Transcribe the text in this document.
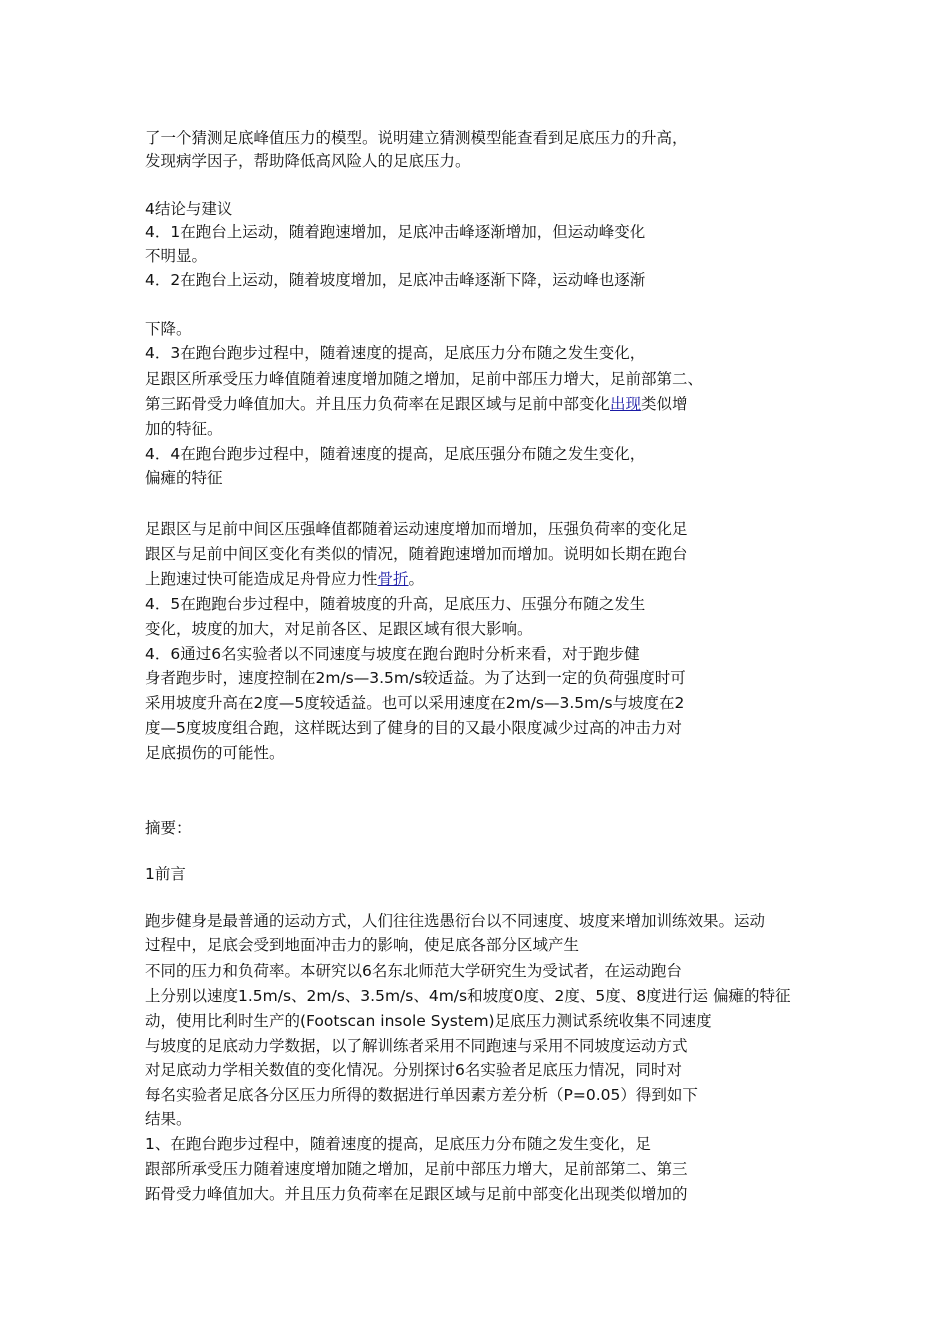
了一个猜测足底峰值压力的模型。说明建立猜测模型能查看到足底压力的升高，
发现病学因子，帮助降低高风险人的足底压力。
4结论与建议
4．1在跑台上运动，随着跑速增加，足底冲击峰逐渐增加，但运动峰变化
不明显。
4．2在跑台上运动，随着坡度增加，足底冲击峰逐渐下降，运动峰也逐渐
下降。
4．3在跑台跑步过程中，随着速度的提高，足底压力分布随之发生变化，
足跟区所承受压力峰值随着速度增加随之增加，足前中部压力增大，足前部第二、
第三跖骨受力峰值加大。并且压力负荷率在足跟区域与足前中部变化出现类似增
加的特征。
4．4在跑台跑步过程中，随着速度的提高，足底压强分布随之发生变化，
偏瘫的特征
足跟区与足前中间区压强峰值都随着运动速度增加而增加，压强负荷率的变化足
跟区与足前中间区变化有类似的情况，随着跑速增加而增加。说明如长期在跑台
上跑速过快可能造成足舟骨应力性骨折。
4．5在跑跑台步过程中，随着坡度的升高，足底压力、压强分布随之发生
变化，坡度的加大，对足前各区、足跟区域有很大影响。
4．6通过6名实验者以不同速度与坡度在跑台跑时分析来看，对于跑步健
身者跑步时，速度控制在2m/s—3.5m/s较适益。为了达到一定的负荷强度时可
采用坡度升高在2度—5度较适益。也可以采用速度在2m/s—3.5m/s与坡度在2
度—5度坡度组合跑，这样既达到了健身的目的又最小限度减少过高的冲击力对
足底损伤的可能性。
摘要：
1前言
跑步健身是最普通的运动方式，人们往往选愚衍台以不同速度、坡度来增加训练效果。运动
过程中，足底会受到地面冲击力的影响，使足底各部分区域产生
不同的压力和负荷率。本研究以6名东北师范大学研究生为受试者，在运动跑台
上分别以速度1.5m/s、2m/s、3.5m/s、4m/s和坡度0度、2度、5度、8度进行运 偏瘫的特征
动，使用比利时生产的(Footscan insole System)足底压力测试系统收集不同速度
与坡度的足底动力学数据，以了解训练者采用不同跑速与采用不同坡度运动方式
对足底动力学相关数值的变化情况。分别探讨6名实验者足底压力情况，同时对
每名实验者足底各分区压力所得的数据进行单因素方差分析（P=0.05）得到如下
结果。
1、在跑台跑步过程中，随着速度的提高，足底压力分布随之发生变化，足
跟部所承受压力随着速度增加随之增加，足前中部压力增大，足前部第二、第三
跖骨受力峰值加大。并且压力负荷率在足跟区域与足前中部变化出现类似增加的
